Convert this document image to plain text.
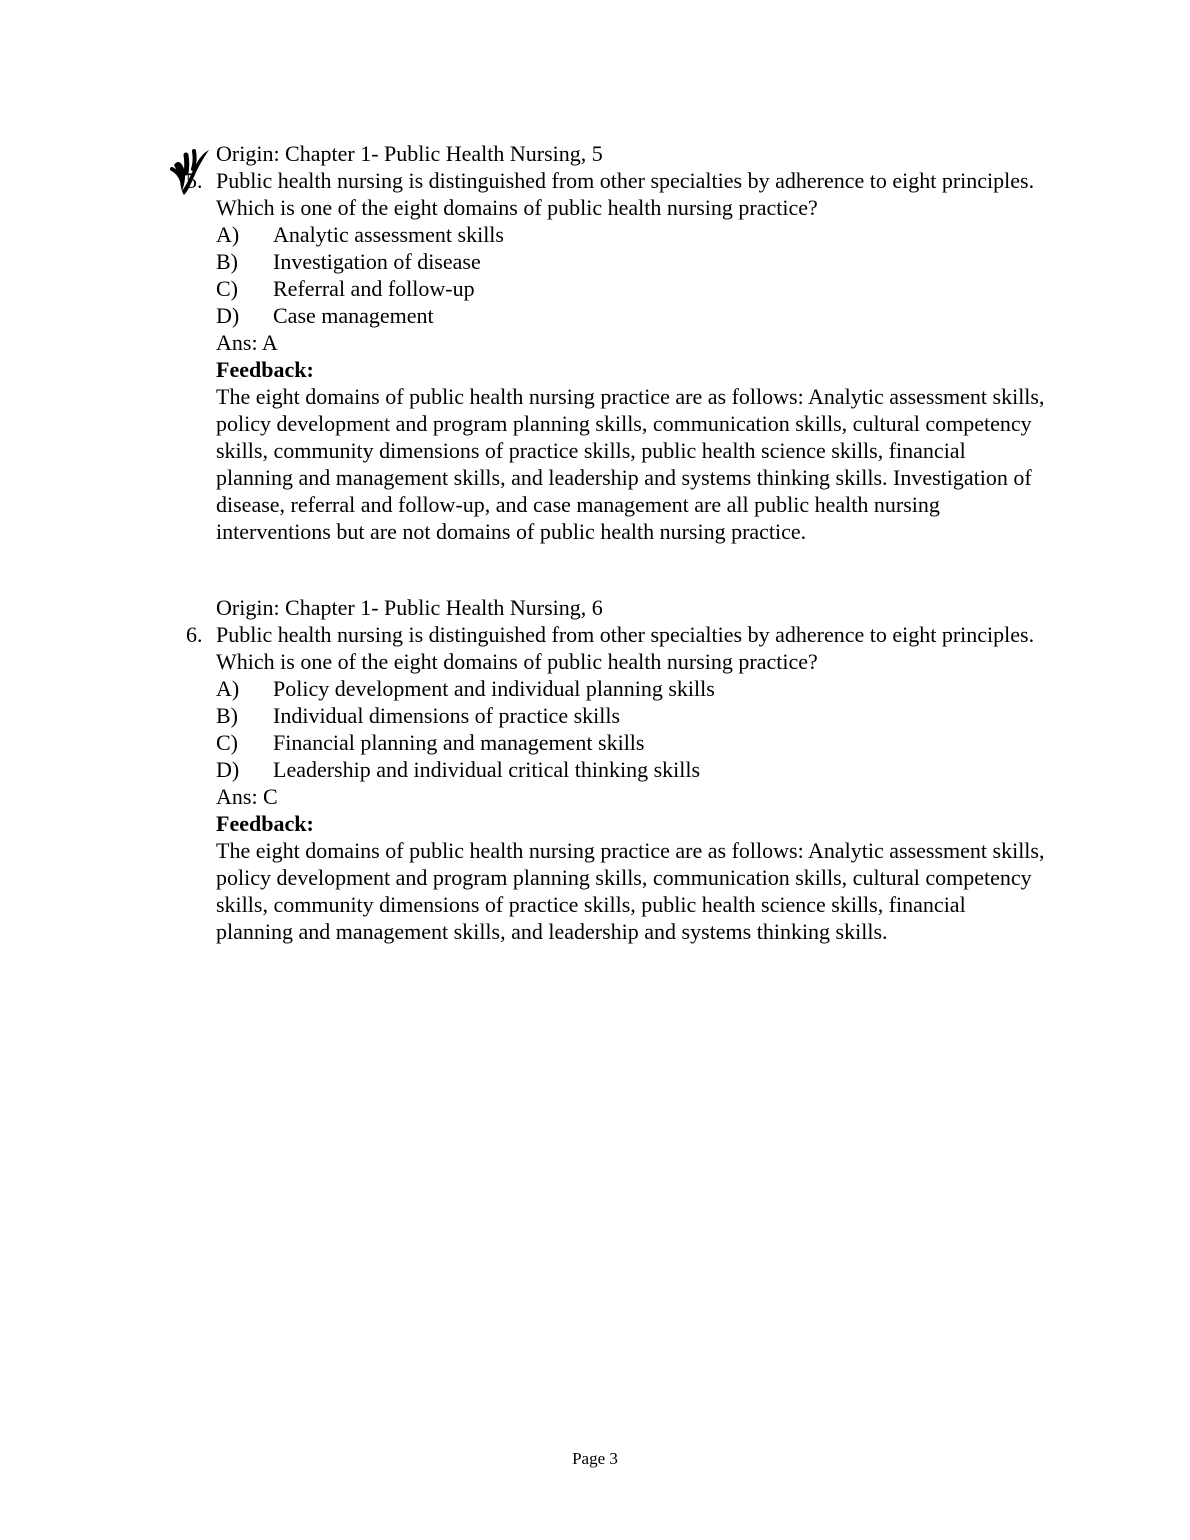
Origin: Chapter 1- Public Health Nursing, 5
5. Public health nursing is distinguished from other specialties by adherence to eight principles. Which is one of the eight domains of public health nursing practice?
A) Analytic assessment skills
B) Investigation of disease
C) Referral and follow-up
D) Case management
Ans: A
Feedback:
The eight domains of public health nursing practice are as follows: Analytic assessment skills, policy development and program planning skills, communication skills, cultural competency skills, community dimensions of practice skills, public health science skills, financial planning and management skills, and leadership and systems thinking skills. Investigation of disease, referral and follow-up, and case management are all public health nursing interventions but are not domains of public health nursing practice.
Origin: Chapter 1- Public Health Nursing, 6
6. Public health nursing is distinguished from other specialties by adherence to eight principles. Which is one of the eight domains of public health nursing practice?
A) Policy development and individual planning skills
B) Individual dimensions of practice skills
C) Financial planning and management skills
D) Leadership and individual critical thinking skills
Ans: C
Feedback:
The eight domains of public health nursing practice are as follows: Analytic assessment skills, policy development and program planning skills, communication skills, cultural competency skills, community dimensions of practice skills, public health science skills, financial planning and management skills, and leadership and systems thinking skills.
Page 3
